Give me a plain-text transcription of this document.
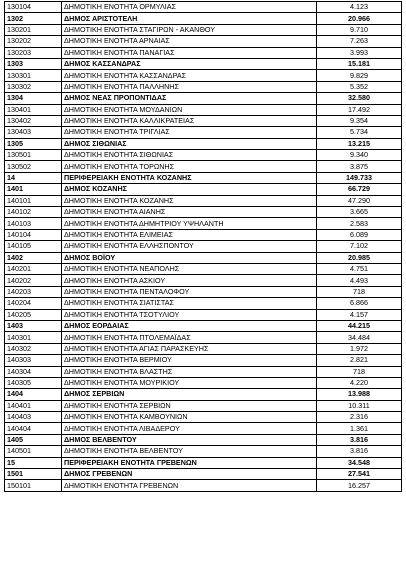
130104	ΔΗΜΟΤΙΚΗ ΕΝΟΤΗΤΑ ΟΡΜΥΛΙΑΣ	4.123
1302	ΔΗΜΟΣ ΑΡΙΣΤΟΤΕΛΗ	20.966
130201	ΔΗΜΟΤΙΚΗ ΕΝΟΤΗΤΑ ΣΤΑΓΙΡΩΝ - ΑΚΑΝΘΟΥ	9.710
130202	ΔΗΜΟΤΙΚΗ ΕΝΟΤΗΤΑ ΑΡΝΑΙΑΣ	7.263
130203	ΔΗΜΟΤΙΚΗ ΕΝΟΤΗΤΑ ΠΑΝΑΓΙΑΣ	3.993
1303	ΔΗΜΟΣ ΚΑΣΣΑΝΔΡΑΣ	15.181
130301	ΔΗΜΟΤΙΚΗ ΕΝΟΤΗΤΑ ΚΑΣΣΑΝΔΡΑΣ	9.829
130302	ΔΗΜΟΤΙΚΗ ΕΝΟΤΗΤΑ ΠΑΛΛΗΝΗΣ	5.352
1304	ΔΗΜΟΣ ΝΕΑΣ ΠΡΟΠΟΝΤΙΔΑΣ	32.580
130401	ΔΗΜΟΤΙΚΗ ΕΝΟΤΗΤΑ ΜΟΥΔΑΝΙΩΝ	17.492
130402	ΔΗΜΟΤΙΚΗ ΕΝΟΤΗΤΑ ΚΑΛΛΙΚΡΑΤΕΙΑΣ	9.354
130403	ΔΗΜΟΤΙΚΗ ΕΝΟΤΗΤΑ ΤΡΙΓΛΙΑΣ	5.734
1305	ΔΗΜΟΣ ΣΙΘΩΝΙΑΣ	13.215
130501	ΔΗΜΟΤΙΚΗ ΕΝΟΤΗΤΑ ΣΙΘΩΝΙΑΣ	9.340
130502	ΔΗΜΟΤΙΚΗ ΕΝΟΤΗΤΑ ΤΟΡΩΝΗΣ	3.875
14	ΠΕΡΙΦΕΡΕΙΑΚΗ ΕΝΟΤΗΤΑ ΚΟΖΑΝΗΣ	149.733
1401	ΔΗΜΟΣ ΚΟΖΑΝΗΣ	66.729
140101	ΔΗΜΟΤΙΚΗ ΕΝΟΤΗΤΑ ΚΟΖΑΝΗΣ	47.290
140102	ΔΗΜΟΤΙΚΗ ΕΝΟΤΗΤΑ ΑΙΑΝΗΣ	3.665
140103	ΔΗΜΟΤΙΚΗ ΕΝΟΤΗΤΑ ΔΗΜΗΤΡΙΟΥ ΥΨΗΛΑΝΤΗ	2.583
140104	ΔΗΜΟΤΙΚΗ ΕΝΟΤΗΤΑ ΕΛΙΜΕΙΑΣ	6.089
140105	ΔΗΜΟΤΙΚΗ ΕΝΟΤΗΤΑ ΕΛΛΗΣΠΟΝΤΟΥ	7.102
1402	ΔΗΜΟΣ ΒΟΪΟΥ	20.985
140201	ΔΗΜΟΤΙΚΗ ΕΝΟΤΗΤΑ ΝΕΑΠΟΛΗΣ	4.751
140202	ΔΗΜΟΤΙΚΗ ΕΝΟΤΗΤΑ ΑΣΚΙΟΥ	4.493
140203	ΔΗΜΟΤΙΚΗ ΕΝΟΤΗΤΑ ΠΕΝΤΑΛΟΦΟΥ	718
140204	ΔΗΜΟΤΙΚΗ ΕΝΟΤΗΤΑ ΣΙΑΤΙΣΤΑΣ	6.866
140205	ΔΗΜΟΤΙΚΗ ΕΝΟΤΗΤΑ ΤΣΟΤΥΛΙΟΥ	4.157
1403	ΔΗΜΟΣ ΕΟΡΔΑΙΑΣ	44.215
140301	ΔΗΜΟΤΙΚΗ ΕΝΟΤΗΤΑ ΠΤΟΛΕΜΑΪΔΑΣ	34.484
140302	ΔΗΜΟΤΙΚΗ ΕΝΟΤΗΤΑ ΑΓΙΑΣ ΠΑΡΑΣΚΕΥΗΣ	1.972
140303	ΔΗΜΟΤΙΚΗ ΕΝΟΤΗΤΑ ΒΕΡΜΙΟΥ	2.821
140304	ΔΗΜΟΤΙΚΗ ΕΝΟΤΗΤΑ ΒΛΑΣΤΗΣ	718
140305	ΔΗΜΟΤΙΚΗ ΕΝΟΤΗΤΑ ΜΟΥΡΙΚΙΟΥ	4.220
1404	ΔΗΜΟΣ ΣΕΡΒΙΩΝ	13.988
140401	ΔΗΜΟΤΙΚΗ ΕΝΟΤΗΤΑ ΣΕΡΒΙΩΝ	10.311
140403	ΔΗΜΟΤΙΚΗ ΕΝΟΤΗΤΑ ΚΑΜΒΟΥΝΙΩΝ	2.316
140404	ΔΗΜΟΤΙΚΗ ΕΝΟΤΗΤΑ ΛΙΒΑΔΕΡΟΥ	1.361
1405	ΔΗΜΟΣ ΒΕΛΒΕΝΤΟΥ	3.816
140501	ΔΗΜΟΤΙΚΗ ΕΝΟΤΗΤΑ ΒΕΛΒΕΝΤΟΥ	3.816
15	ΠΕΡΙΦΕΡΕΙΑΚΗ ΕΝΟΤΗΤΑ ΓΡΕΒΕΝΩΝ	34.548
1501	ΔΗΜΟΣ ΓΡΕΒΕΝΩΝ	27.541
150101	ΔΗΜΟΤΙΚΗ ΕΝΟΤΗΤΑ ΓΡΕΒΕΝΩΝ	16.257
